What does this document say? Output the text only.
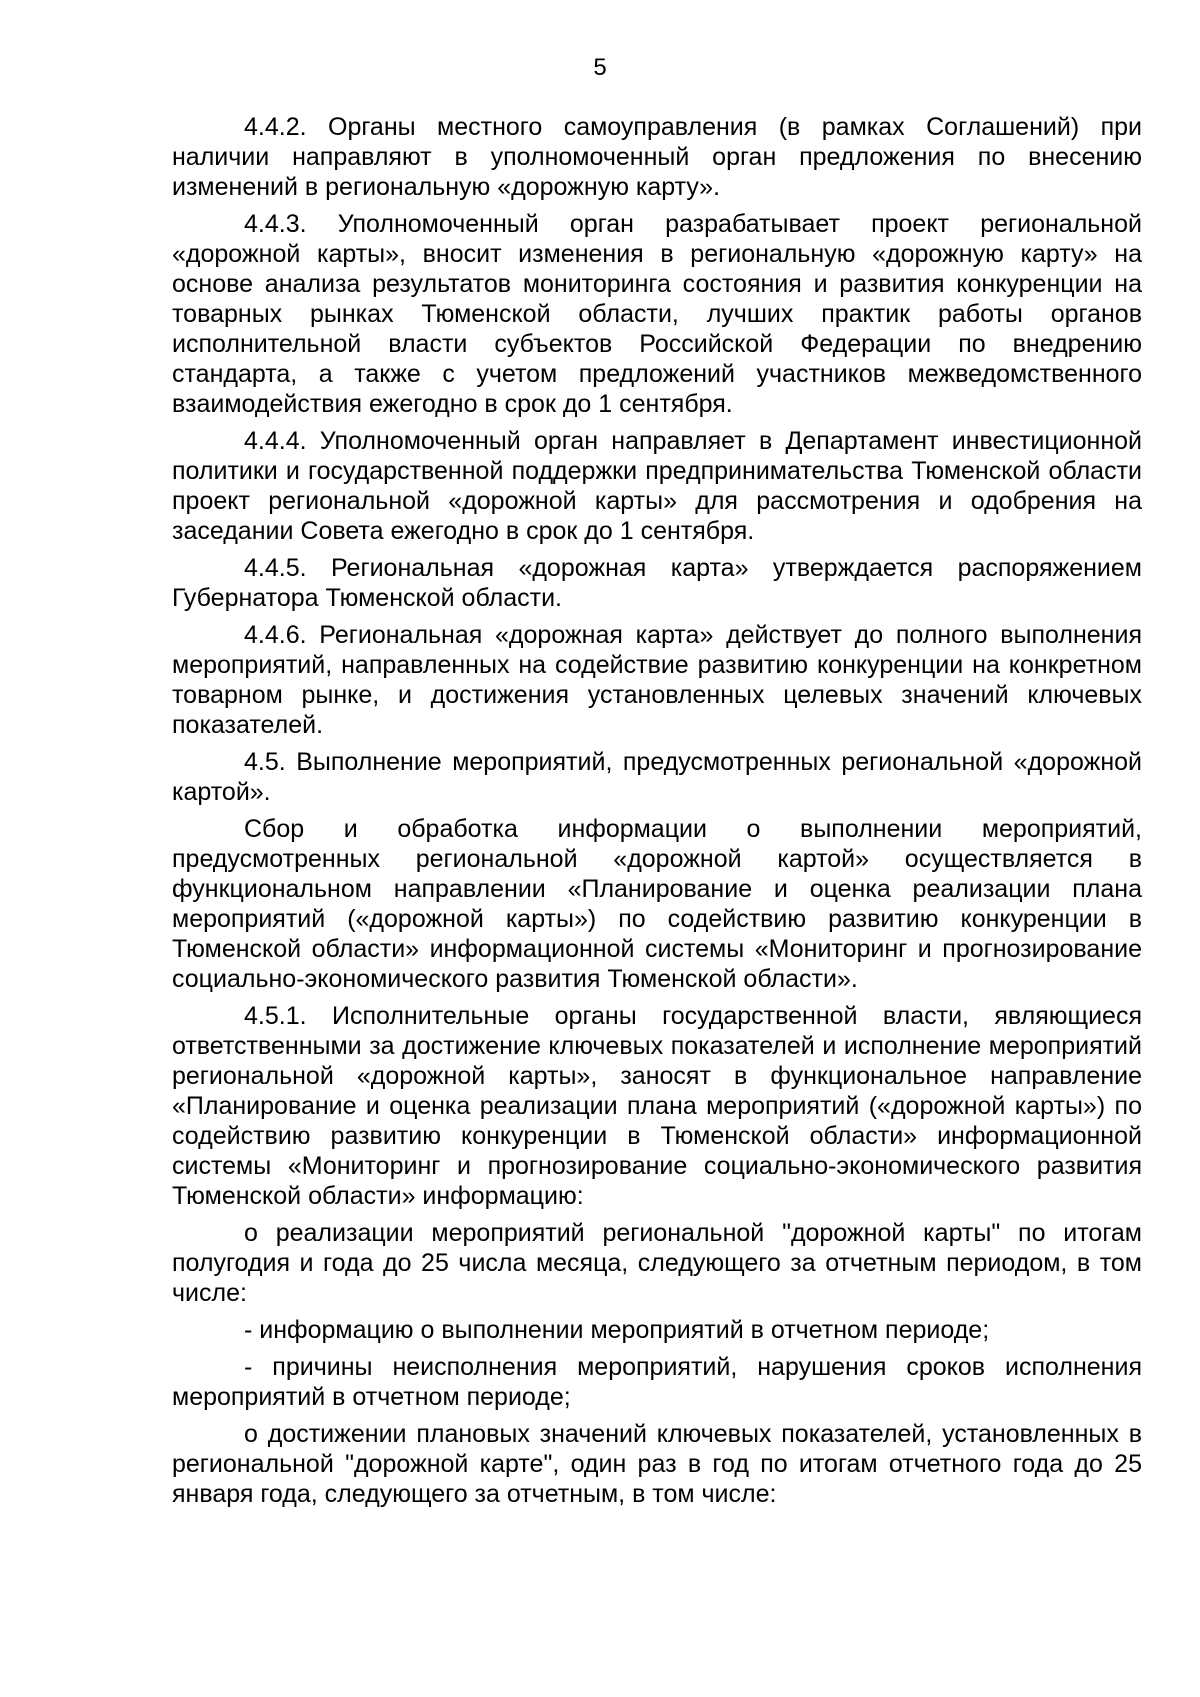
5

4.4.2. Органы местного самоуправления (в рамках Соглашений) при наличии направляют в уполномоченный орган предложения по внесению изменений в региональную «дорожную карту».

4.4.3. Уполномоченный орган разрабатывает проект региональной «дорожной карты», вносит изменения в региональную «дорожную карту» на основе анализа результатов мониторинга состояния и развития конкуренции на товарных рынках Тюменской области, лучших практик работы органов исполнительной власти субъектов Российской Федерации по внедрению стандарта, а также с учетом предложений участников межведомственного взаимодействия ежегодно в срок до 1 сентября.

4.4.4. Уполномоченный орган направляет в Департамент инвестиционной политики и государственной поддержки предпринимательства Тюменской области проект региональной «дорожной карты» для рассмотрения и одобрения на заседании Совета ежегодно в срок до 1 сентября.

4.4.5. Региональная «дорожная карта» утверждается распоряжением Губернатора Тюменской области.

4.4.6. Региональная «дорожная карта» действует до полного выполнения мероприятий, направленных на содействие развитию конкуренции на конкретном товарном рынке, и достижения установленных целевых значений ключевых показателей.

4.5. Выполнение мероприятий, предусмотренных региональной «дорожной картой».

Сбор и обработка информации о выполнении мероприятий, предусмотренных региональной «дорожной картой» осуществляется в функциональном направлении «Планирование и оценка реализации плана мероприятий («дорожной карты») по содействию развитию конкуренции в Тюменской области» информационной системы «Мониторинг и прогнозирование социально-экономического развития Тюменской области».

4.5.1. Исполнительные органы государственной власти, являющиеся ответственными за достижение ключевых показателей и исполнение мероприятий региональной «дорожной карты», заносят в функциональное направление «Планирование и оценка реализации плана мероприятий («дорожной карты») по содействию развитию конкуренции в Тюменской области» информационной системы «Мониторинг и прогнозирование социально-экономического развития Тюменской области» информацию:

о реализации мероприятий региональной "дорожной карты" по итогам полугодия и года до 25 числа месяца, следующего за отчетным периодом, в том числе:

- информацию о выполнении мероприятий в отчетном периоде;

- причины неисполнения мероприятий, нарушения сроков исполнения мероприятий в отчетном периоде;

о достижении плановых значений ключевых показателей, установленных в региональной "дорожной карте", один раз в год по итогам отчетного года до 25 января года, следующего за отчетным, в том числе:
